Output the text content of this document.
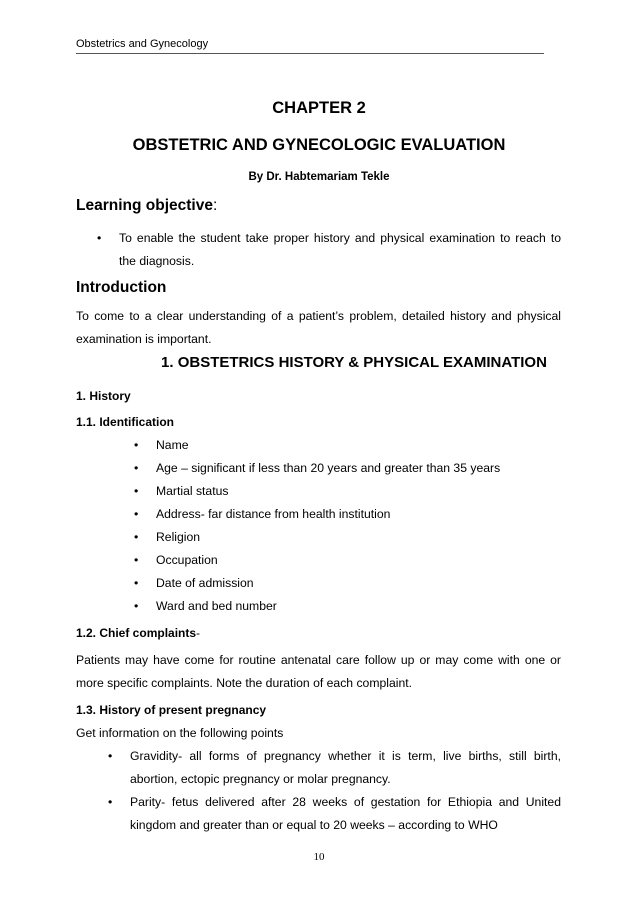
Obstetrics and Gynecology
CHAPTER 2
OBSTETRIC AND GYNECOLOGIC EVALUATION
By Dr. Habtemariam Tekle
Learning objective:
• To enable the student take proper history and physical examination to reach to the diagnosis.
Introduction
To come to a clear understanding of a patient’s problem, detailed history and physical examination is important.
1. OBSTETRICS HISTORY & PHYSICAL EXAMINATION
1. History
1.1. Identification
• Name
• Age – significant if less than 20 years and greater than 35 years
• Martial status
• Address- far distance from health institution
• Religion
• Occupation
• Date of admission
• Ward and bed number
1.2. Chief complaints-
Patients may have come for routine antenatal care follow up or may come with one or more specific complaints. Note the duration of each complaint.
1.3. History of present pregnancy
Get information on the following points
• Gravidity- all forms of pregnancy whether it is term, live births, still birth, abortion, ectopic pregnancy or molar pregnancy.
• Parity- fetus delivered after 28 weeks of gestation for Ethiopia and United kingdom and greater than or equal to 20 weeks – according to WHO
10
